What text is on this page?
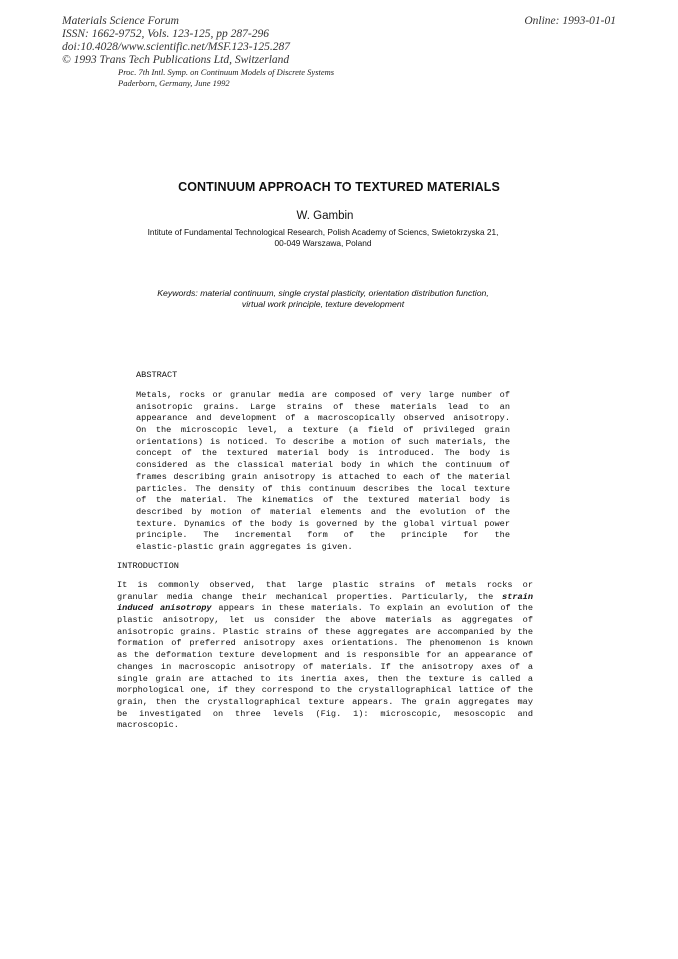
Materials Science Forum
ISSN: 1662-9752, Vols. 123-125, pp 287-296
doi:10.4028/www.scientific.net/MSF.123-125.287
© 1993 Trans Tech Publications Ltd, Switzerland
Online: 1993-01-01
Proc. 7th Intl. Symp. on Continuum Models of Discrete Systems
Paderborn, Germany, June 1992
CONTINUUM APPROACH TO TEXTURED MATERIALS
W. Gambin
Intitute of Fundamental Technological Research, Polish Academy of Sciencs, Swietokrzyska 21,
00-049 Warszawa, Poland
Keywords: material continuum, single crystal plasticity, orientation distribution function,
virtual work principle, texture development
ABSTRACT
Metals, rocks or granular media are composed of very large number of
anisotropic grains. Large strains of these materials lead to an
appearance and development of a macroscopically observed anisotropy.
On the microscopic level, a texture (a field of privileged grain
orientations) is noticed. To describe a motion of such materials, the
concept of the textured material body is introduced. The body is
considered as the classical material body in which the continuum of
frames describing grain anisotropy is attached to each of the material
particles. The density of this continuum describes the local texture
of the material. The kinematics of the textured material body is
described by motion of material elements and the evolution of the
texture. Dynamics of the body is governed by the global virtual power
principle. The incremental form of the principle for the
elastic-plastic grain aggregates is given.
INTRODUCTION
It is commonly observed, that large plastic strains of metals rocks or
granular media change their mechanical properties. Particularly, the strain
induced anisotropy appears in these materials. To explain an evolution of the
plastic anisotropy, let us consider the above materials as aggregates of
anisotropic grains. Plastic strains of these aggregates are accompanied by the
formation of preferred anisotropy axes orientations. The phenomenon is known
as the deformation texture development and is responsible for an appearance of
changes in macroscopic anisotropy of materials. If the anisotropy axes of a
single grain are attached to its inertia axes, then the texture is called a
morphological one, if they correspond to the crystallographical lattice of the
grain, then the crystallographical texture appears. The grain aggregates may
be investigated on three levels (Fig. 1): microscopic, mesoscopic and
macroscopic.
